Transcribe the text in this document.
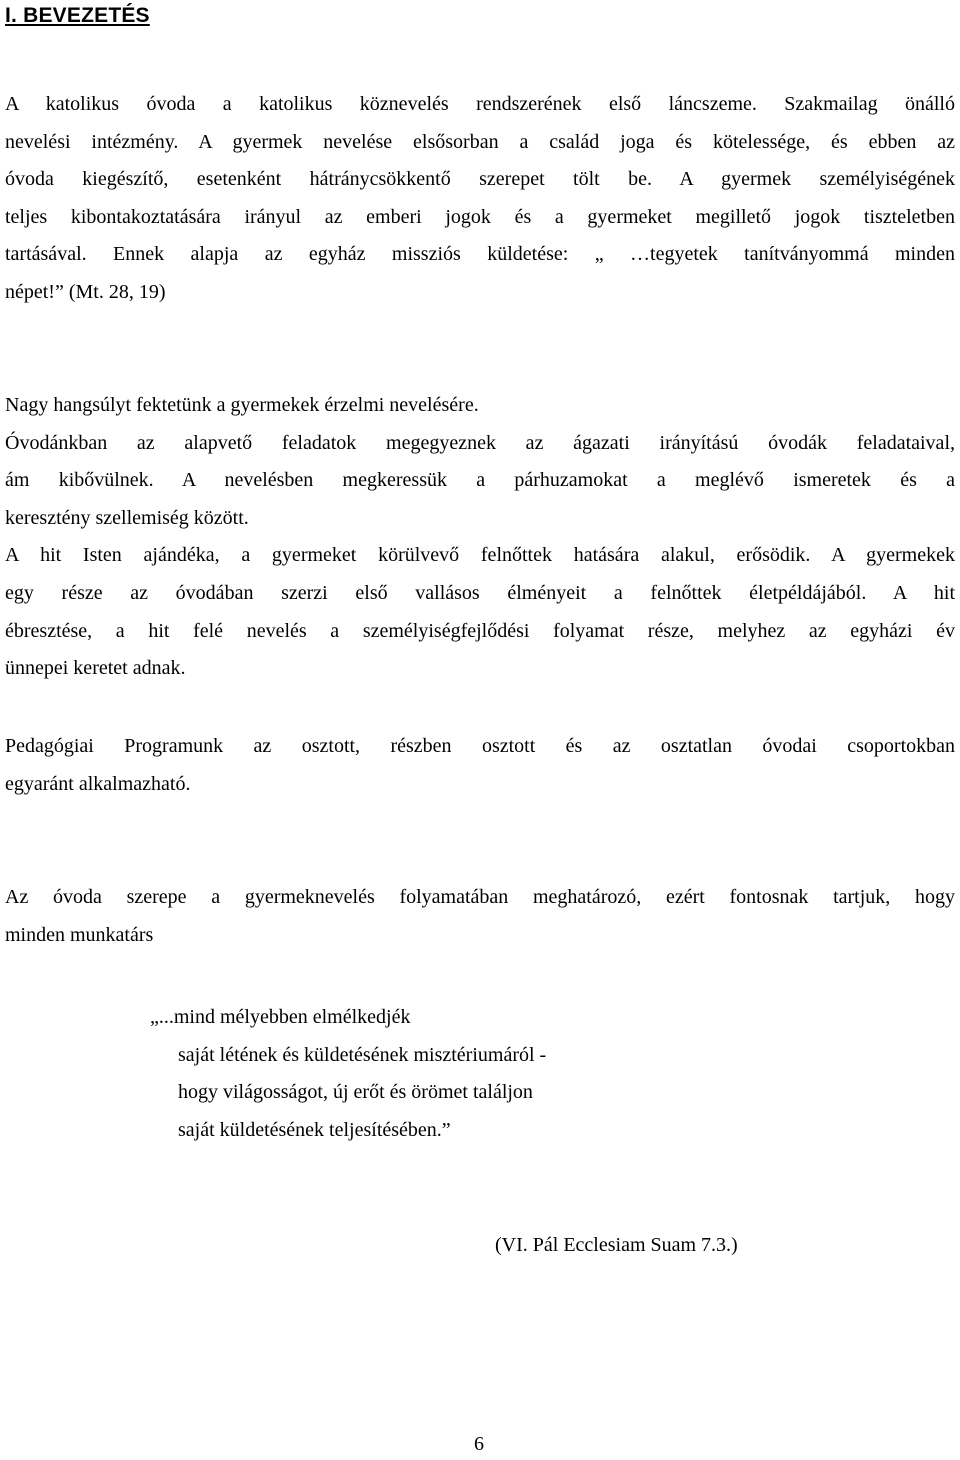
I. BEVEZETÉS

A katolikus óvoda a katolikus köznevelés rendszerének első láncszeme. Szakmailag önálló
nevelési intézmény. A gyermek nevelése elsősorban a család joga és kötelessége, és ebben az
óvoda kiegészítő, esetenként hátránycsökkentő szerepet tölt be. A gyermek személyiségének
teljes kibontakoztatására irányul az emberi jogok és a gyermeket megillető jogok tiszteletben
tartásával. Ennek alapja az egyház missziós küldetése: „ …tegyetek tanítványommá minden
népet!” (Mt. 28, 19)

Nagy hangsúlyt fektetünk a gyermekek érzelmi nevelésére.
Óvodánkban az alapvető feladatok megegyeznek az ágazati irányítású óvodák feladataival,
ám kibővülnek. A nevelésben megkeressük a párhuzamokat a meglévő ismeretek és a
keresztény szellemiség között.
A hit Isten ajándéka, a gyermeket körülvevő felnőttek hatására alakul, erősödik. A gyermekek
egy része az óvodában szerzi első vallásos élményeit a felnőttek életpéldájából. A hit
ébresztése, a hit felé nevelés a személyiségfejlődési folyamat része, melyhez az egyházi év
ünnepei keretet adnak.

Pedagógiai Programunk az osztott, részben osztott és az osztatlan óvodai csoportokban
egyaránt alkalmazható.

Az óvoda szerepe a gyermeknevelés folyamatában meghatározó, ezért fontosnak tartjuk, hogy
minden munkatárs

„...mind mélyebben elmélkedjék
saját létének és küldetésének misztériumáról -
hogy világosságot, új erőt és örömet találjon
saját küldetésének teljesítésében.”

(VI. Pál Ecclesiam Suam 7.3.)

6
